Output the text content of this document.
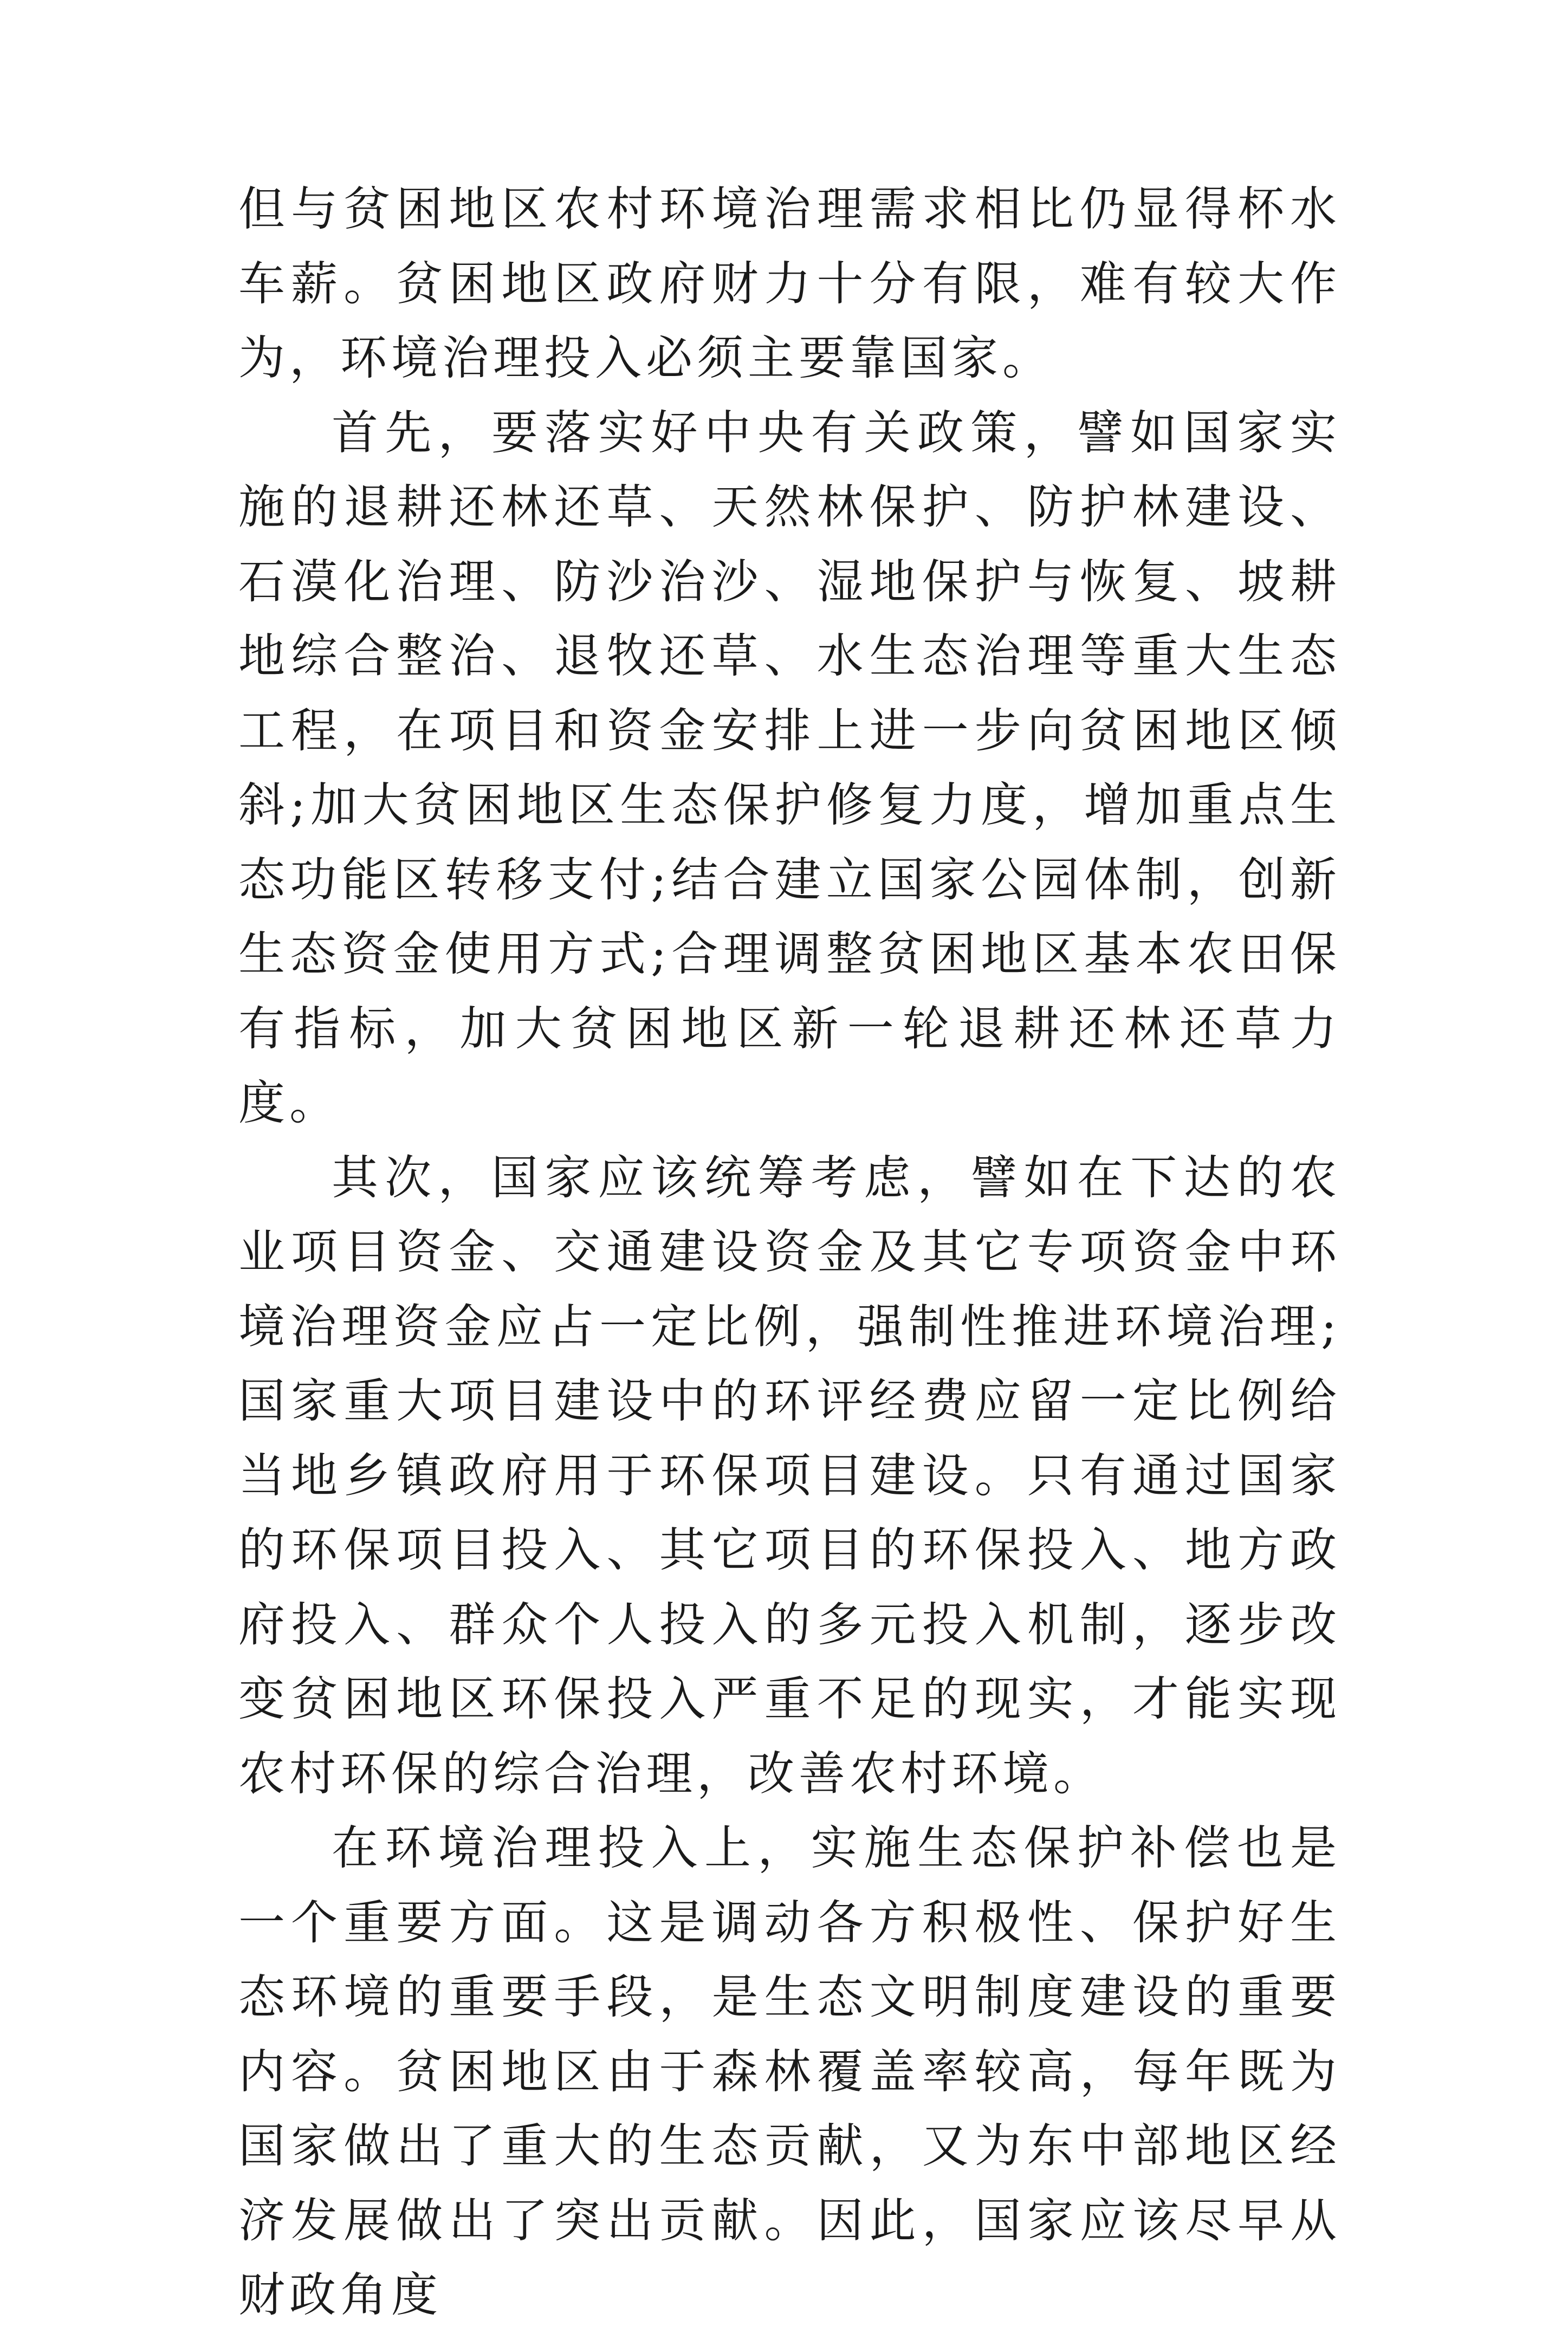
但与贫困地区农村环境治理需求相比仍显得杯水车薪。贫困地区政府财力十分有限，难有较大作为，环境治理投入必须主要靠国家。

首先，要落实好中央有关政策，譬如国家实施的退耕还林还草、天然林保护、防护林建设、石漠化治理、防沙治沙、湿地保护与恢复、坡耕地综合整治、退牧还草、水生态治理等重大生态工程，在项目和资金安排上进一步向贫困地区倾斜;加大贫困地区生态保护修复力度，增加重点生态功能区转移支付;结合建立国家公园体制，创新生态资金使用方式;合理调整贫困地区基本农田保有指标，加大贫困地区新一轮退耕还林还草力度。

其次，国家应该统筹考虑，譬如在下达的农业项目资金、交通建设资金及其它专项资金中环境治理资金应占一定比例，强制性推进环境治理;国家重大项目建设中的环评经费应留一定比例给当地乡镇政府用于环保项目建设。只有通过国家的环保项目投入、其它项目的环保投入、地方政府投入、群众个人投入的多元投入机制，逐步改变贫困地区环保投入严重不足的现实，才能实现农村环保的综合治理，改善农村环境。

在环境治理投入上，实施生态保护补偿也是一个重要方面。这是调动各方积极性、保护好生态环境的重要手段，是生态文明制度建设的重要内容。贫困地区由于森林覆盖率较高，每年既为国家做出了重大的生态贡献，又为东中部地区经济发展做出了突出贡献。因此，国家应该尽早从财政角度
